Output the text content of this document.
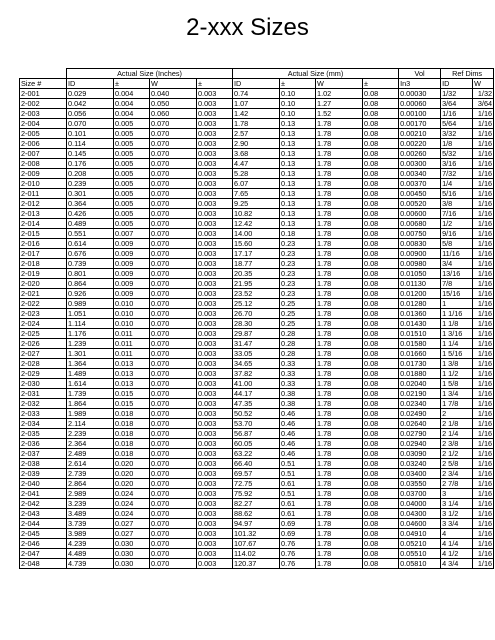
2-xxx Sizes
	Actual Size (Inches)				Actual Size (mm)				Vol	Ref Dims	
Size #	ID	±	W	±	ID	±	W	±	In3	ID	W
2-001	0.029	0.004	0.040	0.003	0.74	0.10	1.02	0.08	0.00030	1/32	1/32
2-002	0.042	0.004	0.050	0.003	1.07	0.10	1.27	0.08	0.00060	3/64	3/64
2-003	0.056	0.004	0.060	0.003	1.42	0.10	1.52	0.08	0.00100	1/16	1/16
2-004	0.070	0.005	0.070	0.003	1.78	0.13	1.78	0.08	0.00170	5/64	1/16
2-005	0.101	0.005	0.070	0.003	2.57	0.13	1.78	0.08	0.00210	3/32	1/16
2-006	0.114	0.005	0.070	0.003	2.90	0.13	1.78	0.08	0.00220	1/8	1/16
2-007	0.145	0.005	0.070	0.003	3.68	0.13	1.78	0.08	0.00260	5/32	1/16
2-008	0.176	0.005	0.070	0.003	4.47	0.13	1.78	0.08	0.00300	3/16	1/16
2-009	0.208	0.005	0.070	0.003	5.28	0.13	1.78	0.08	0.00340	7/32	1/16
2-010	0.239	0.005	0.070	0.003	6.07	0.13	1.78	0.08	0.00370	1/4	1/16
2-011	0.301	0.005	0.070	0.003	7.65	0.13	1.78	0.08	0.00450	5/16	1/16
2-012	0.364	0.005	0.070	0.003	9.25	0.13	1.78	0.08	0.00520	3/8	1/16
2-013	0.426	0.005	0.070	0.003	10.82	0.13	1.78	0.08	0.00600	7/16	1/16
2-014	0.489	0.005	0.070	0.003	12.42	0.13	1.78	0.08	0.00680	1/2	1/16
2-015	0.551	0.007	0.070	0.003	14.00	0.18	1.78	0.08	0.00750	9/16	1/16
2-016	0.614	0.009	0.070	0.003	15.60	0.23	1.78	0.08	0.00830	5/8	1/16
2-017	0.676	0.009	0.070	0.003	17.17	0.23	1.78	0.08	0.00900	11/16	1/16
2-018	0.739	0.009	0.070	0.003	18.77	0.23	1.78	0.08	0.00980	3/4	1/16
2-019	0.801	0.009	0.070	0.003	20.35	0.23	1.78	0.08	0.01050	13/16	1/16
2-020	0.864	0.009	0.070	0.003	21.95	0.23	1.78	0.08	0.01130	7/8	1/16
2-021	0.926	0.009	0.070	0.003	23.52	0.23	1.78	0.08	0.01200	15/16	1/16
2-022	0.989	0.010	0.070	0.003	25.12	0.25	1.78	0.08	0.01280	1	1/16
2-023	1.051	0.010	0.070	0.003	26.70	0.25	1.78	0.08	0.01360	1 1/16	1/16
2-024	1.114	0.010	0.070	0.003	28.30	0.25	1.78	0.08	0.01430	1 1/8	1/16
2-025	1.176	0.011	0.070	0.003	29.87	0.28	1.78	0.08	0.01510	1 3/16	1/16
2-026	1.239	0.011	0.070	0.003	31.47	0.28	1.78	0.08	0.01580	1 1/4	1/16
2-027	1.301	0.011	0.070	0.003	33.05	0.28	1.78	0.08	0.01660	1 5/16	1/16
2-028	1.364	0.013	0.070	0.003	34.65	0.33	1.78	0.08	0.01730	1 3/8	1/16
2-029	1.489	0.013	0.070	0.003	37.82	0.33	1.78	0.08	0.01880	1 1/2	1/16
2-030	1.614	0.013	0.070	0.003	41.00	0.33	1.78	0.08	0.02040	1 5/8	1/16
2-031	1.739	0.015	0.070	0.003	44.17	0.38	1.78	0.08	0.02190	1 3/4	1/16
2-032	1.864	0.015	0.070	0.003	47.35	0.38	1.78	0.08	0.02340	1 7/8	1/16
2-033	1.989	0.018	0.070	0.003	50.52	0.46	1.78	0.08	0.02490	2	1/16
2-034	2.114	0.018	0.070	0.003	53.70	0.46	1.78	0.08	0.02640	2 1/8	1/16
2-035	2.239	0.018	0.070	0.003	56.87	0.46	1.78	0.08	0.02790	2 1/4	1/16
2-036	2.364	0.018	0.070	0.003	60.05	0.46	1.78	0.08	0.02940	2 3/8	1/16
2-037	2.489	0.018	0.070	0.003	63.22	0.46	1.78	0.08	0.03090	2 1/2	1/16
2-038	2.614	0.020	0.070	0.003	66.40	0.51	1.78	0.08	0.03240	2 5/8	1/16
2-039	2.739	0.020	0.070	0.003	69.57	0.51	1.78	0.08	0.03400	2 3/4	1/16
2-040	2.864	0.020	0.070	0.003	72.75	0.61	1.78	0.08	0.03550	2 7/8	1/16
2-041	2.989	0.024	0.070	0.003	75.92	0.51	1.78	0.08	0.03700	3	1/16
2-042	3.239	0.024	0.070	0.003	82.27	0.61	1.78	0.08	0.04000	3 1/4	1/16
2-043	3.489	0.024	0.070	0.003	88.62	0.61	1.78	0.08	0.04300	3 1/2	1/16
2-044	3.739	0.027	0.070	0.003	94.97	0.69	1.78	0.08	0.04600	3 3/4	1/16
2-045	3.989	0.027	0.070	0.003	101.32	0.69	1.78	0.08	0.04910	4	1/16
2-046	4.239	0.030	0.070	0.003	107.67	0.76	1.78	0.08	0.05210	4 1/4	1/16
2-047	4.489	0.030	0.070	0.003	114.02	0.76	1.78	0.08	0.05510	4 1/2	1/16
2-048	4.739	0.030	0.070	0.003	120.37	0.76	1.78	0.08	0.05810	4 3/4	1/16
